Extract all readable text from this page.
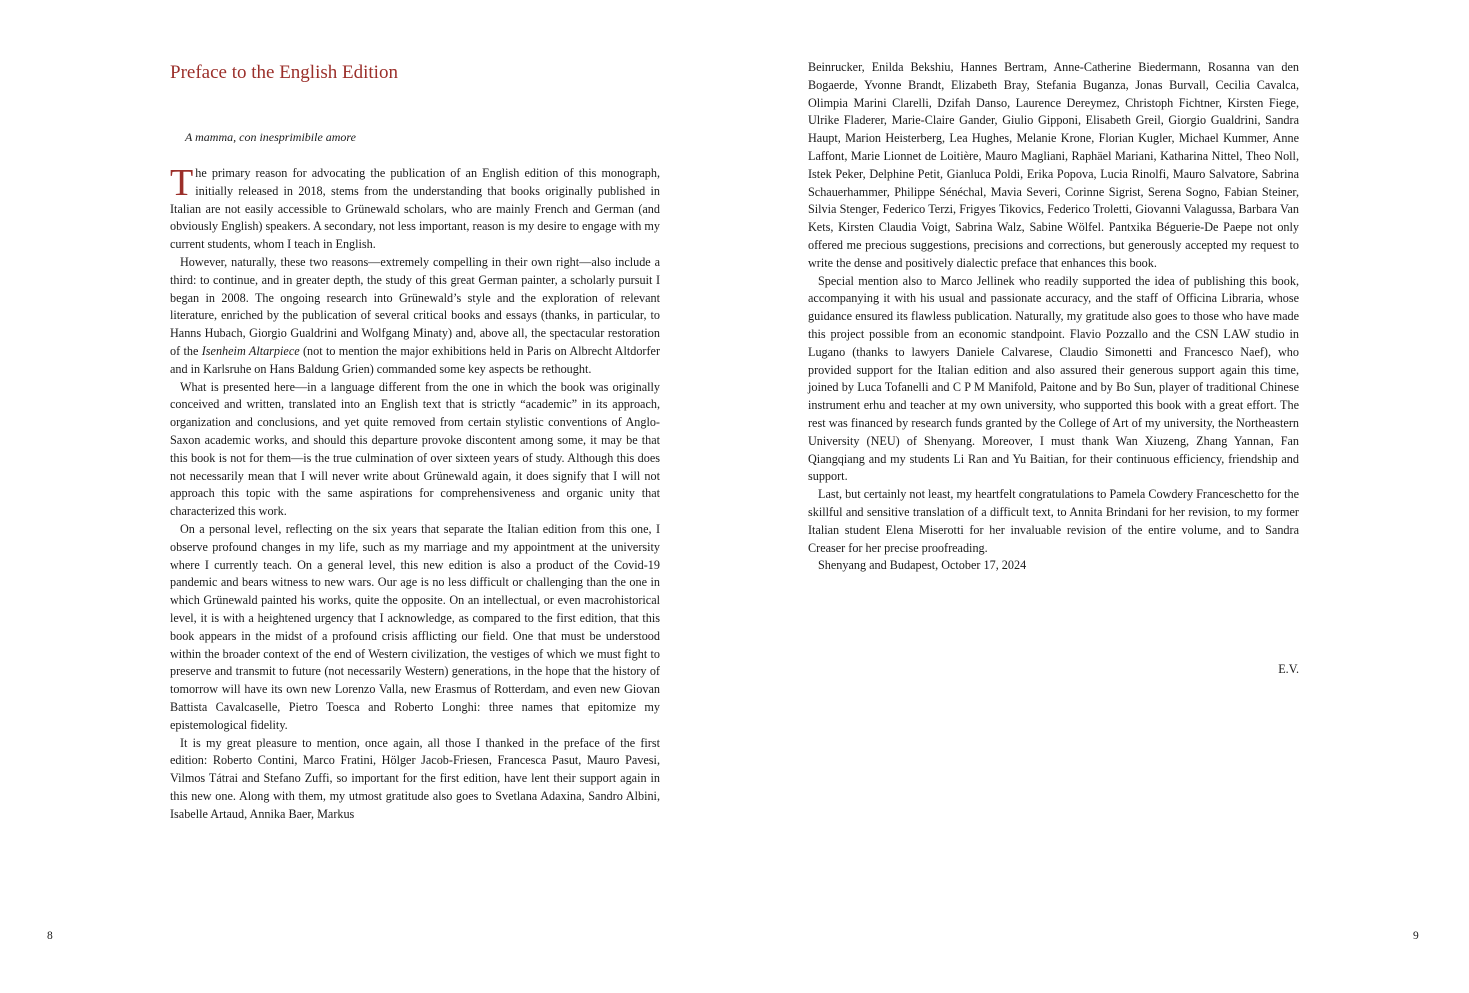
Preface to the English Edition

A mamma, con inesprimibile amore

The primary reason for advocating the publication of an English edition of this monograph, initially released in 2018, stems from the understanding that books originally published in Italian are not easily accessible to Grünewald scholars, who are mainly French and German (and obviously English) speakers. A secondary, not less important, reason is my desire to engage with my current students, whom I teach in English.

However, naturally, these two reasons—extremely compelling in their own right—also include a third: to continue, and in greater depth, the study of this great German painter, a scholarly pursuit I began in 2008. The ongoing research into Grünewald’s style and the exploration of relevant literature, enriched by the publication of several critical books and essays (thanks, in particular, to Hanns Hubach, Giorgio Gualdrini and Wolfgang Minaty) and, above all, the spectacular restoration of the Isenheim Altarpiece (not to mention the major exhibitions held in Paris on Albrecht Altdorfer and in Karlsruhe on Hans Baldung Grien) commanded some key aspects be rethought.

What is presented here—in a language different from the one in which the book was originally conceived and written, translated into an English text that is strictly “academic” in its approach, organization and conclusions, and yet quite removed from certain stylistic conventions of Anglo-Saxon academic works, and should this departure provoke discontent among some, it may be that this book is not for them—is the true culmination of over sixteen years of study. Although this does not necessarily mean that I will never write about Grünewald again, it does signify that I will not approach this topic with the same aspirations for comprehensiveness and organic unity that characterized this work.

On a personal level, reflecting on the six years that separate the Italian edition from this one, I observe profound changes in my life, such as my marriage and my appointment at the university where I currently teach. On a general level, this new edition is also a product of the Covid-19 pandemic and bears witness to new wars. Our age is no less difficult or challenging than the one in which Grünewald painted his works, quite the opposite. On an intellectual, or even macrohistorical level, it is with a heightened urgency that I acknowledge, as compared to the first edition, that this book appears in the midst of a profound crisis afflicting our field. One that must be understood within the broader context of the end of Western civilization, the vestiges of which we must fight to preserve and transmit to future (not necessarily Western) generations, in the hope that the history of tomorrow will have its own new Lorenzo Valla, new Erasmus of Rotterdam, and even new Giovan Battista Cavalcaselle, Pietro Toesca and Roberto Longhi: three names that epitomize my epistemological fidelity.

It is my great pleasure to mention, once again, all those I thanked in the preface of the first edition: Roberto Contini, Marco Fratini, Hölger Jacob-Friesen, Francesca Pasut, Mauro Pavesi, Vilmos Tátrai and Stefano Zuffi, so important for the first edition, have lent their support again in this new one. Along with them, my utmost gratitude also goes to Svetlana Adaxina, Sandro Albini, Isabelle Artaud, Annika Baer, Markus

8

Beinrucker, Enilda Bekshiu, Hannes Bertram, Anne-Catherine Biedermann, Rosanna van den Bogaerde, Yvonne Brandt, Elizabeth Bray, Stefania Buganza, Jonas Burvall, Cecilia Cavalca, Olimpia Marini Clarelli, Dzifah Danso, Laurence Dereymez, Christoph Fichtner, Kirsten Fiege, Ulrike Fladerer, Marie-Claire Gander, Giulio Gipponi, Elisabeth Greil, Giorgio Gualdrini, Sandra Haupt, Marion Heisterberg, Lea Hughes, Melanie Krone, Florian Kugler, Michael Kummer, Anne Laffont, Marie Lionnet de Loitière, Mauro Magliani, Raphäel Mariani, Katharina Nittel, Theo Noll, Istek Peker, Delphine Petit, Gianluca Poldi, Erika Popova, Lucia Rinolfi, Mauro Salvatore, Sabrina Schauerhammer, Philippe Sénéchal, Mavia Severi, Corinne Sigrist, Serena Sogno, Fabian Steiner, Silvia Stenger, Federico Terzi, Frigyes Tikovics, Federico Troletti, Giovanni Valagussa, Barbara Van Kets, Kirsten Claudia Voigt, Sabrina Walz, Sabine Wölfel. Pantxika Béguerie-De Paepe not only offered me precious suggestions, precisions and corrections, but generously accepted my request to write the dense and positively dialectic preface that enhances this book.

Special mention also to Marco Jellinek who readily supported the idea of publishing this book, accompanying it with his usual and passionate accuracy, and the staff of Officina Libraria, whose guidance ensured its flawless publication. Naturally, my gratitude also goes to those who have made this project possible from an economic standpoint. Flavio Pozzallo and the CSN LAW studio in Lugano (thanks to lawyers Daniele Calvarese, Claudio Simonetti and Francesco Naef), who provided support for the Italian edition and also assured their generous support again this time, joined by Luca Tofanelli and C P M Manifold, Paitone and by Bo Sun, player of traditional Chinese instrument erhu and teacher at my own university, who supported this book with a great effort. The rest was financed by research funds granted by the College of Art of my university, the Northeastern University (NEU) of Shenyang. Moreover, I must thank Wan Xiuzeng, Zhang Yannan, Fan Qiangqiang and my students Li Ran and Yu Baitian, for their continuous efficiency, friendship and support.

Last, but certainly not least, my heartfelt congratulations to Pamela Cowdery Franceschetto for the skillful and sensitive translation of a difficult text, to Annita Brindani for her revision, to my former Italian student Elena Miserotti for her invaluable revision of the entire volume, and to Sandra Creaser for her precise proofreading.

Shenyang and Budapest, October 17, 2024

E.V.

9
